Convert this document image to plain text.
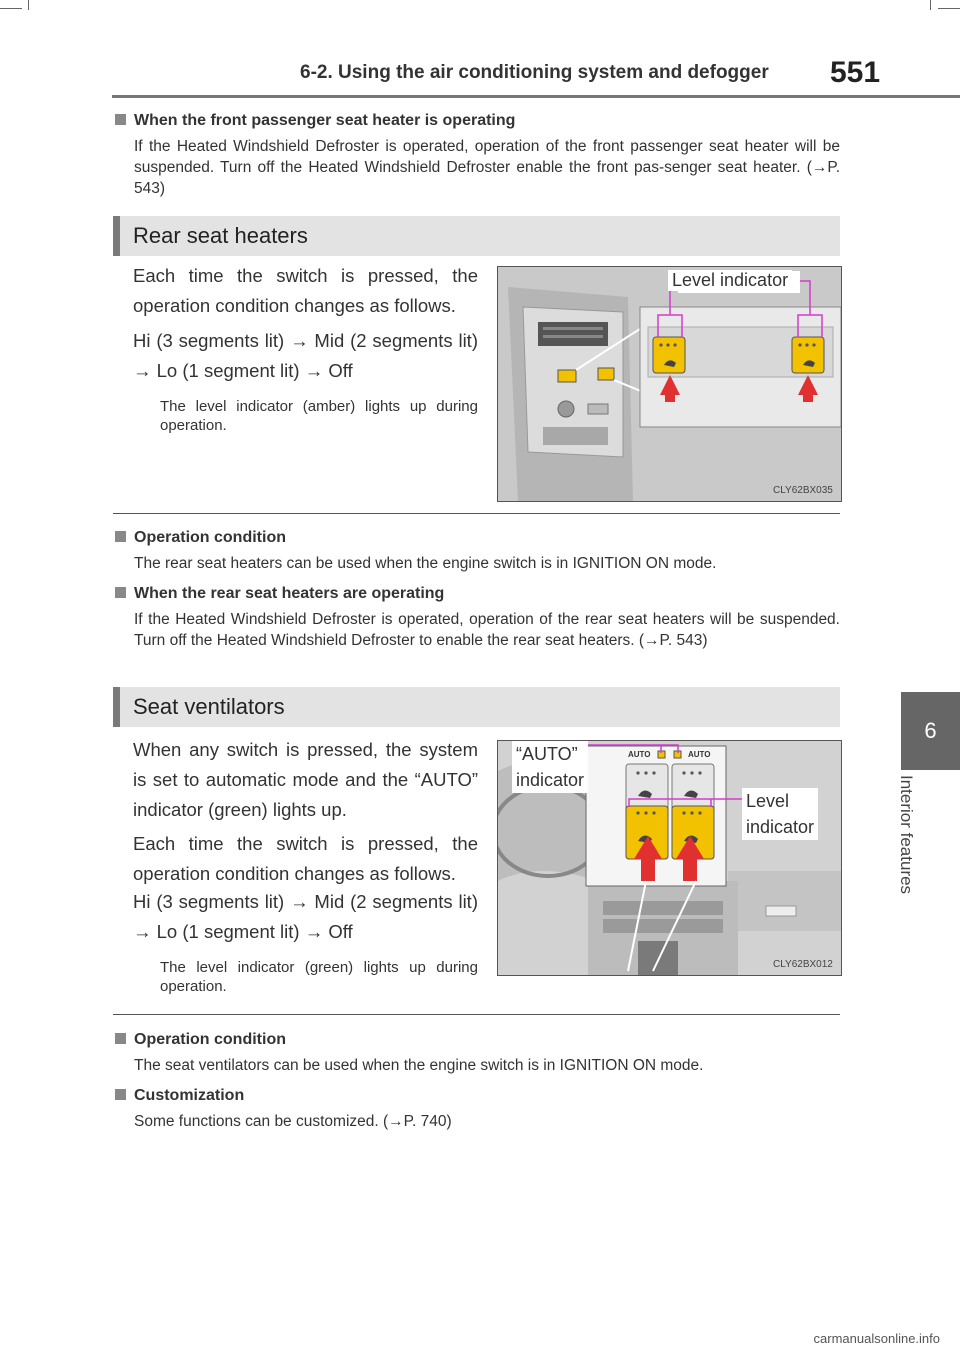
6-2. Using the air conditioning system and defogger 551
6
Interior features
When the front passenger seat heater is operating
If the Heated Windshield Defroster is operated, operation of the front passenger seat heater will be suspended. Turn off the Heated Windshield Defroster enable the front pas-senger seat heater. (→P. 543)
Rear seat heaters
Each time the switch is pressed, the operation condition changes as follows.
Hi (3 segments lit) → Mid (2 segments lit) → Lo (1 segment lit) → Off
The level indicator (amber) lights up during operation.
Level indicator
CLY62BX035
Operation condition
The rear seat heaters can be used when the engine switch is in IGNITION ON mode.
When the rear seat heaters are operating
If the Heated Windshield Defroster is operated, operation of the rear seat heaters will be suspended. Turn off the Heated Windshield Defroster to enable the rear seat heaters. (→P. 543)
Seat ventilators
When any switch is pressed, the system is set to automatic mode and the “AUTO” indicator (green) lights up.
Each time the switch is pressed, the operation condition changes as follows.
Hi (3 segments lit) → Mid (2 segments lit) → Lo (1 segment lit) → Off
The level indicator (green) lights up during operation.
AUTO	AUTO
“AUTO”
indicator
Level
indicator
CLY62BX012
Operation condition
The seat ventilators can be used when the engine switch is in IGNITION ON mode.
Customization
Some functions can be customized. (→P. 740)
carmanualsonline.info
